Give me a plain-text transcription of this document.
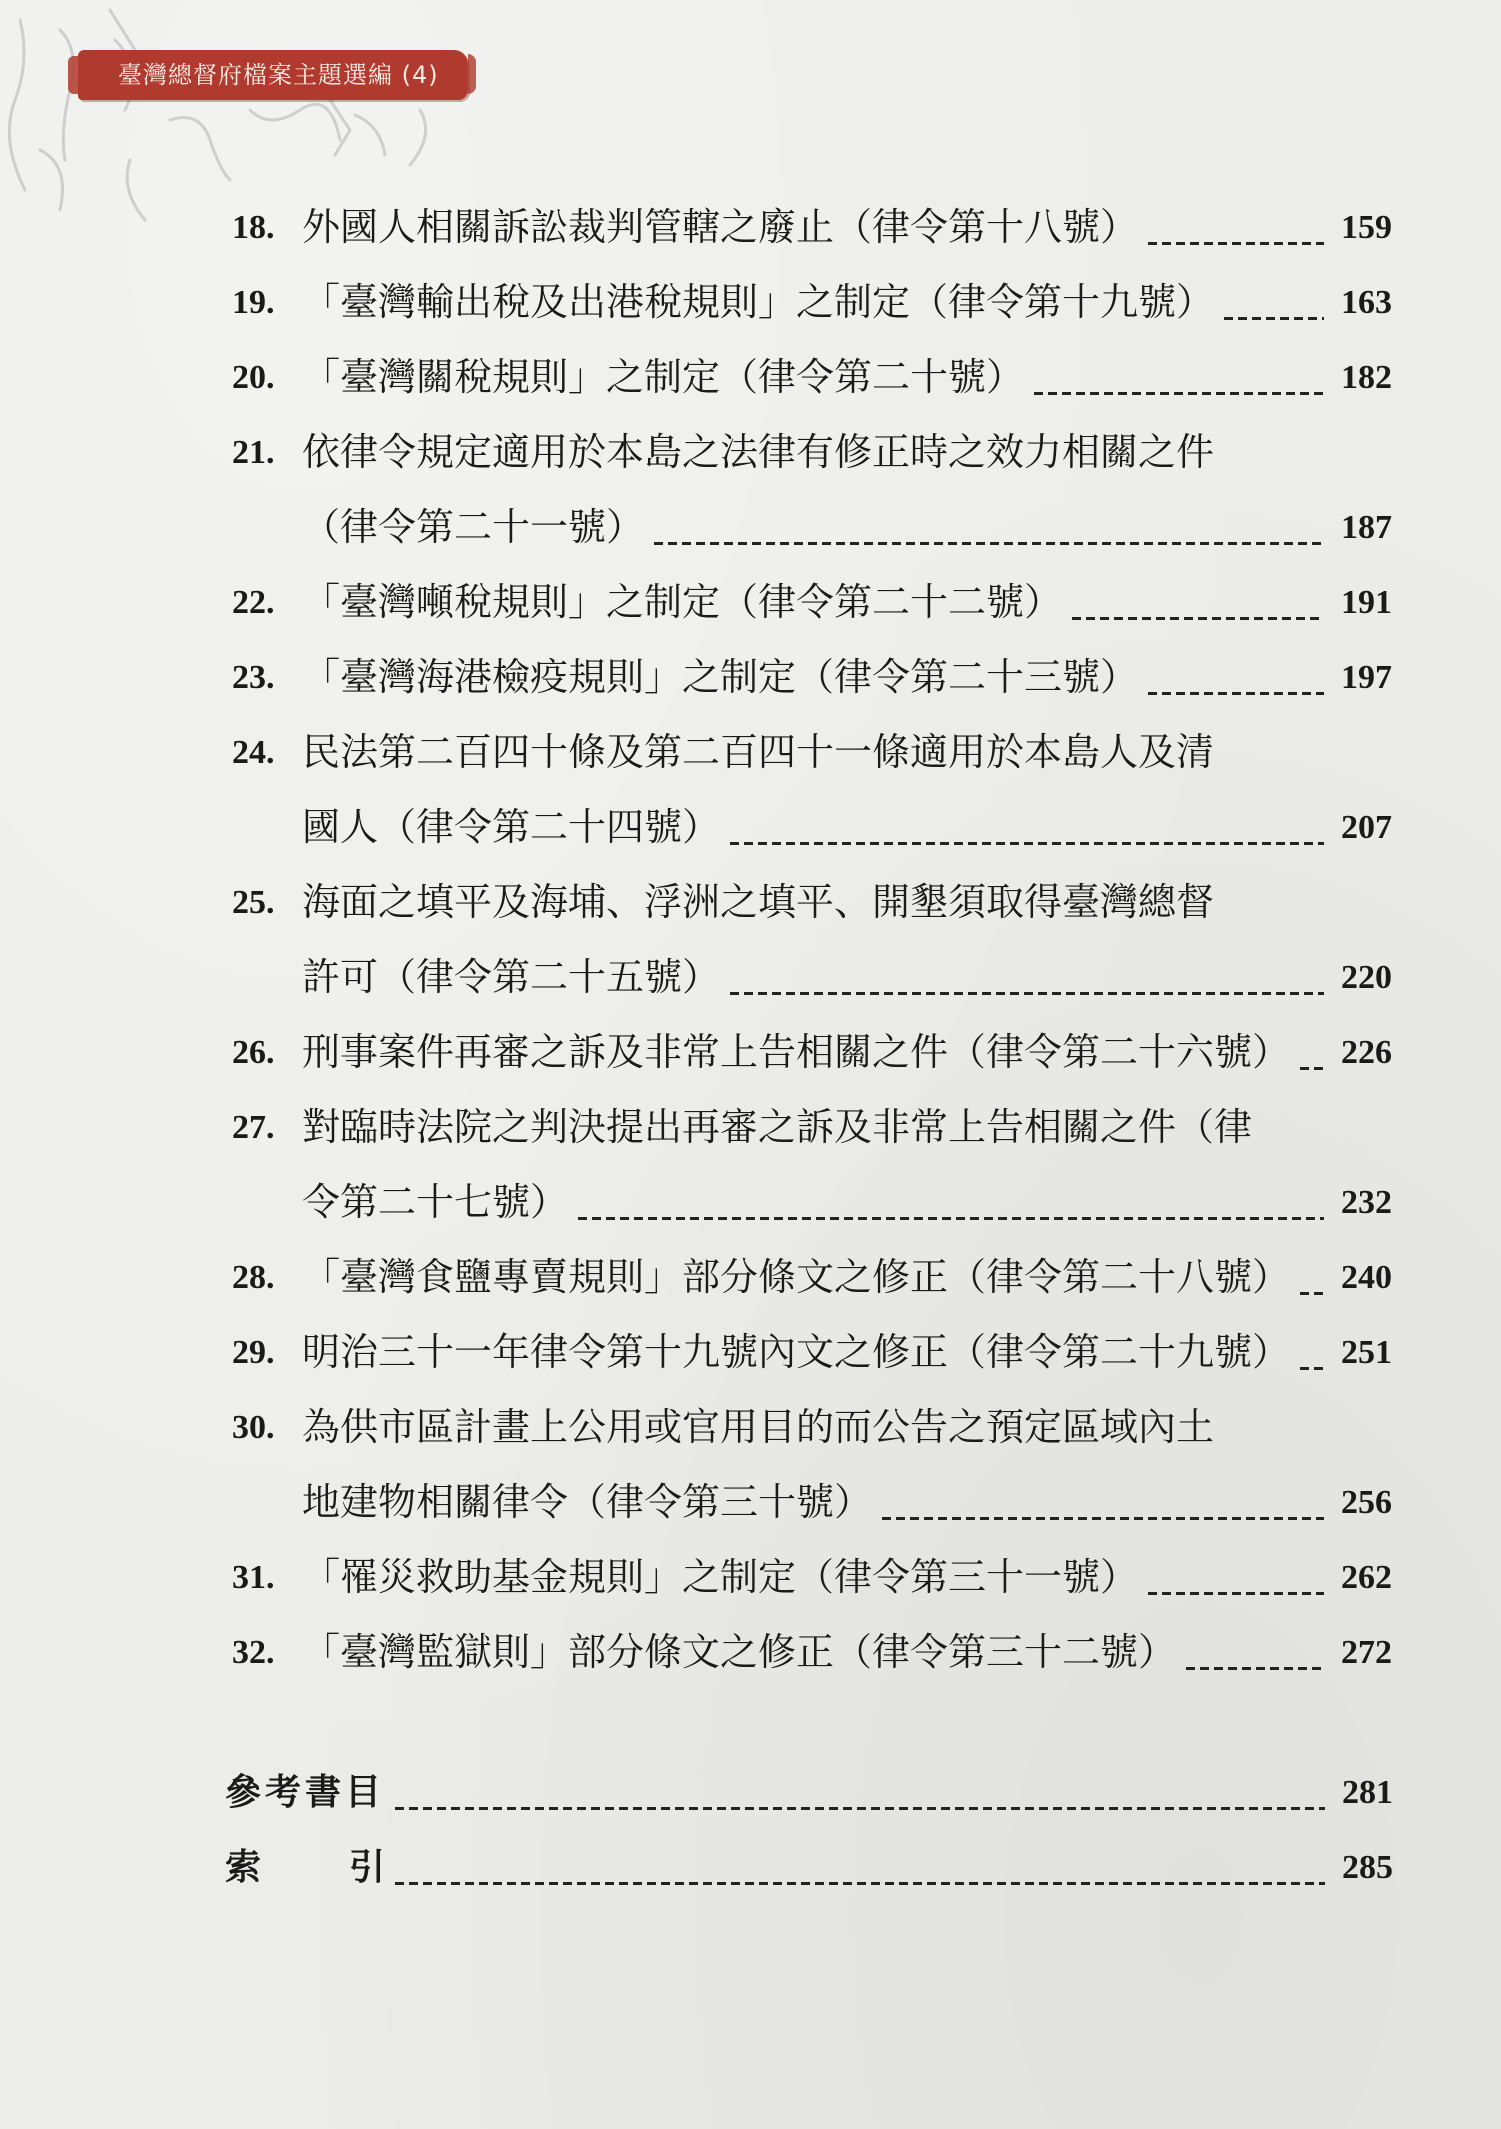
臺灣總督府檔案主題選編 (4)
18. 外國人相關訴訟裁判管轄之廢止（律令第十八號）	159
19. 「臺灣輸出稅及出港稅規則」之制定（律令第十九號）	163
20. 「臺灣關稅規則」之制定（律令第二十號）	182
21. 依律令規定適用於本島之法律有修正時之效力相關之件
（律令第二十一號）	187
22. 「臺灣噸稅規則」之制定（律令第二十二號）	191
23. 「臺灣海港檢疫規則」之制定（律令第二十三號）	197
24. 民法第二百四十條及第二百四十一條適用於本島人及清
國人（律令第二十四號）	207
25. 海面之填平及海埔、浮洲之填平、開墾須取得臺灣總督
許可（律令第二十五號）	220
26. 刑事案件再審之訴及非常上告相關之件（律令第二十六號）	226
27. 對臨時法院之判決提出再審之訴及非常上告相關之件（律
令第二十七號）	232
28. 「臺灣食鹽專賣規則」部分條文之修正（律令第二十八號）	240
29. 明治三十一年律令第十九號內文之修正（律令第二十九號）	251
30. 為供市區計畫上公用或官用目的而公告之預定區域內土
地建物相關律令（律令第三十號）	256
31. 「罹災救助基金規則」之制定（律令第三十一號）	262
32. 「臺灣監獄則」部分條文之修正（律令第三十二號）	272
參考書目	281
索 引	285
